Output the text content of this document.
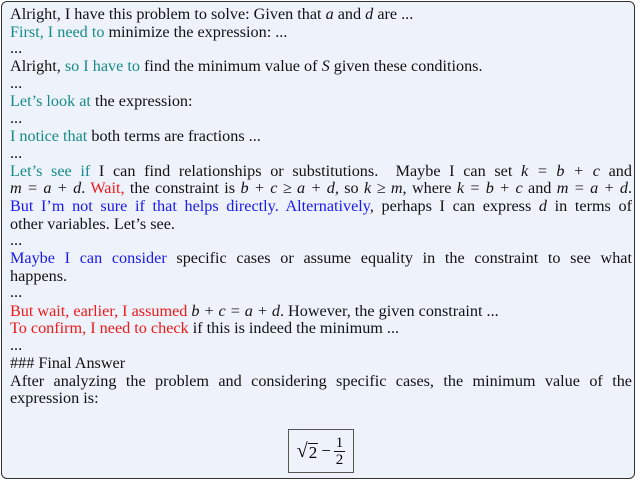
Alright, I have this problem to solve: Given that a and d are ...
First, I need to minimize the expression: ...
...
Alright, so I have to find the minimum value of S given these conditions.
...
Let’s look at the expression:
...
I notice that both terms are fractions ...
...
Let’s see if I can find relationships or substitutions.  Maybe I can set k = b + c and
m = a + d. Wait, the constraint is b + c ≥ a + d, so k ≥ m, where k = b + c and m = a + d.
But I’m not sure if that helps directly. Alternatively, perhaps I can express d in terms of
other variables. Let’s see.
...
Maybe I can consider specific cases or assume equality in the constraint to see what
happens.
...
But wait, earlier, I assumed b + c = a + d. However, the given constraint ...
To confirm, I need to check if this is indeed the minimum ...
...
### Final Answer
After analyzing the problem and considering specific cases, the minimum value of the
expression is:
√ $2 - \frac{1}{2}$
